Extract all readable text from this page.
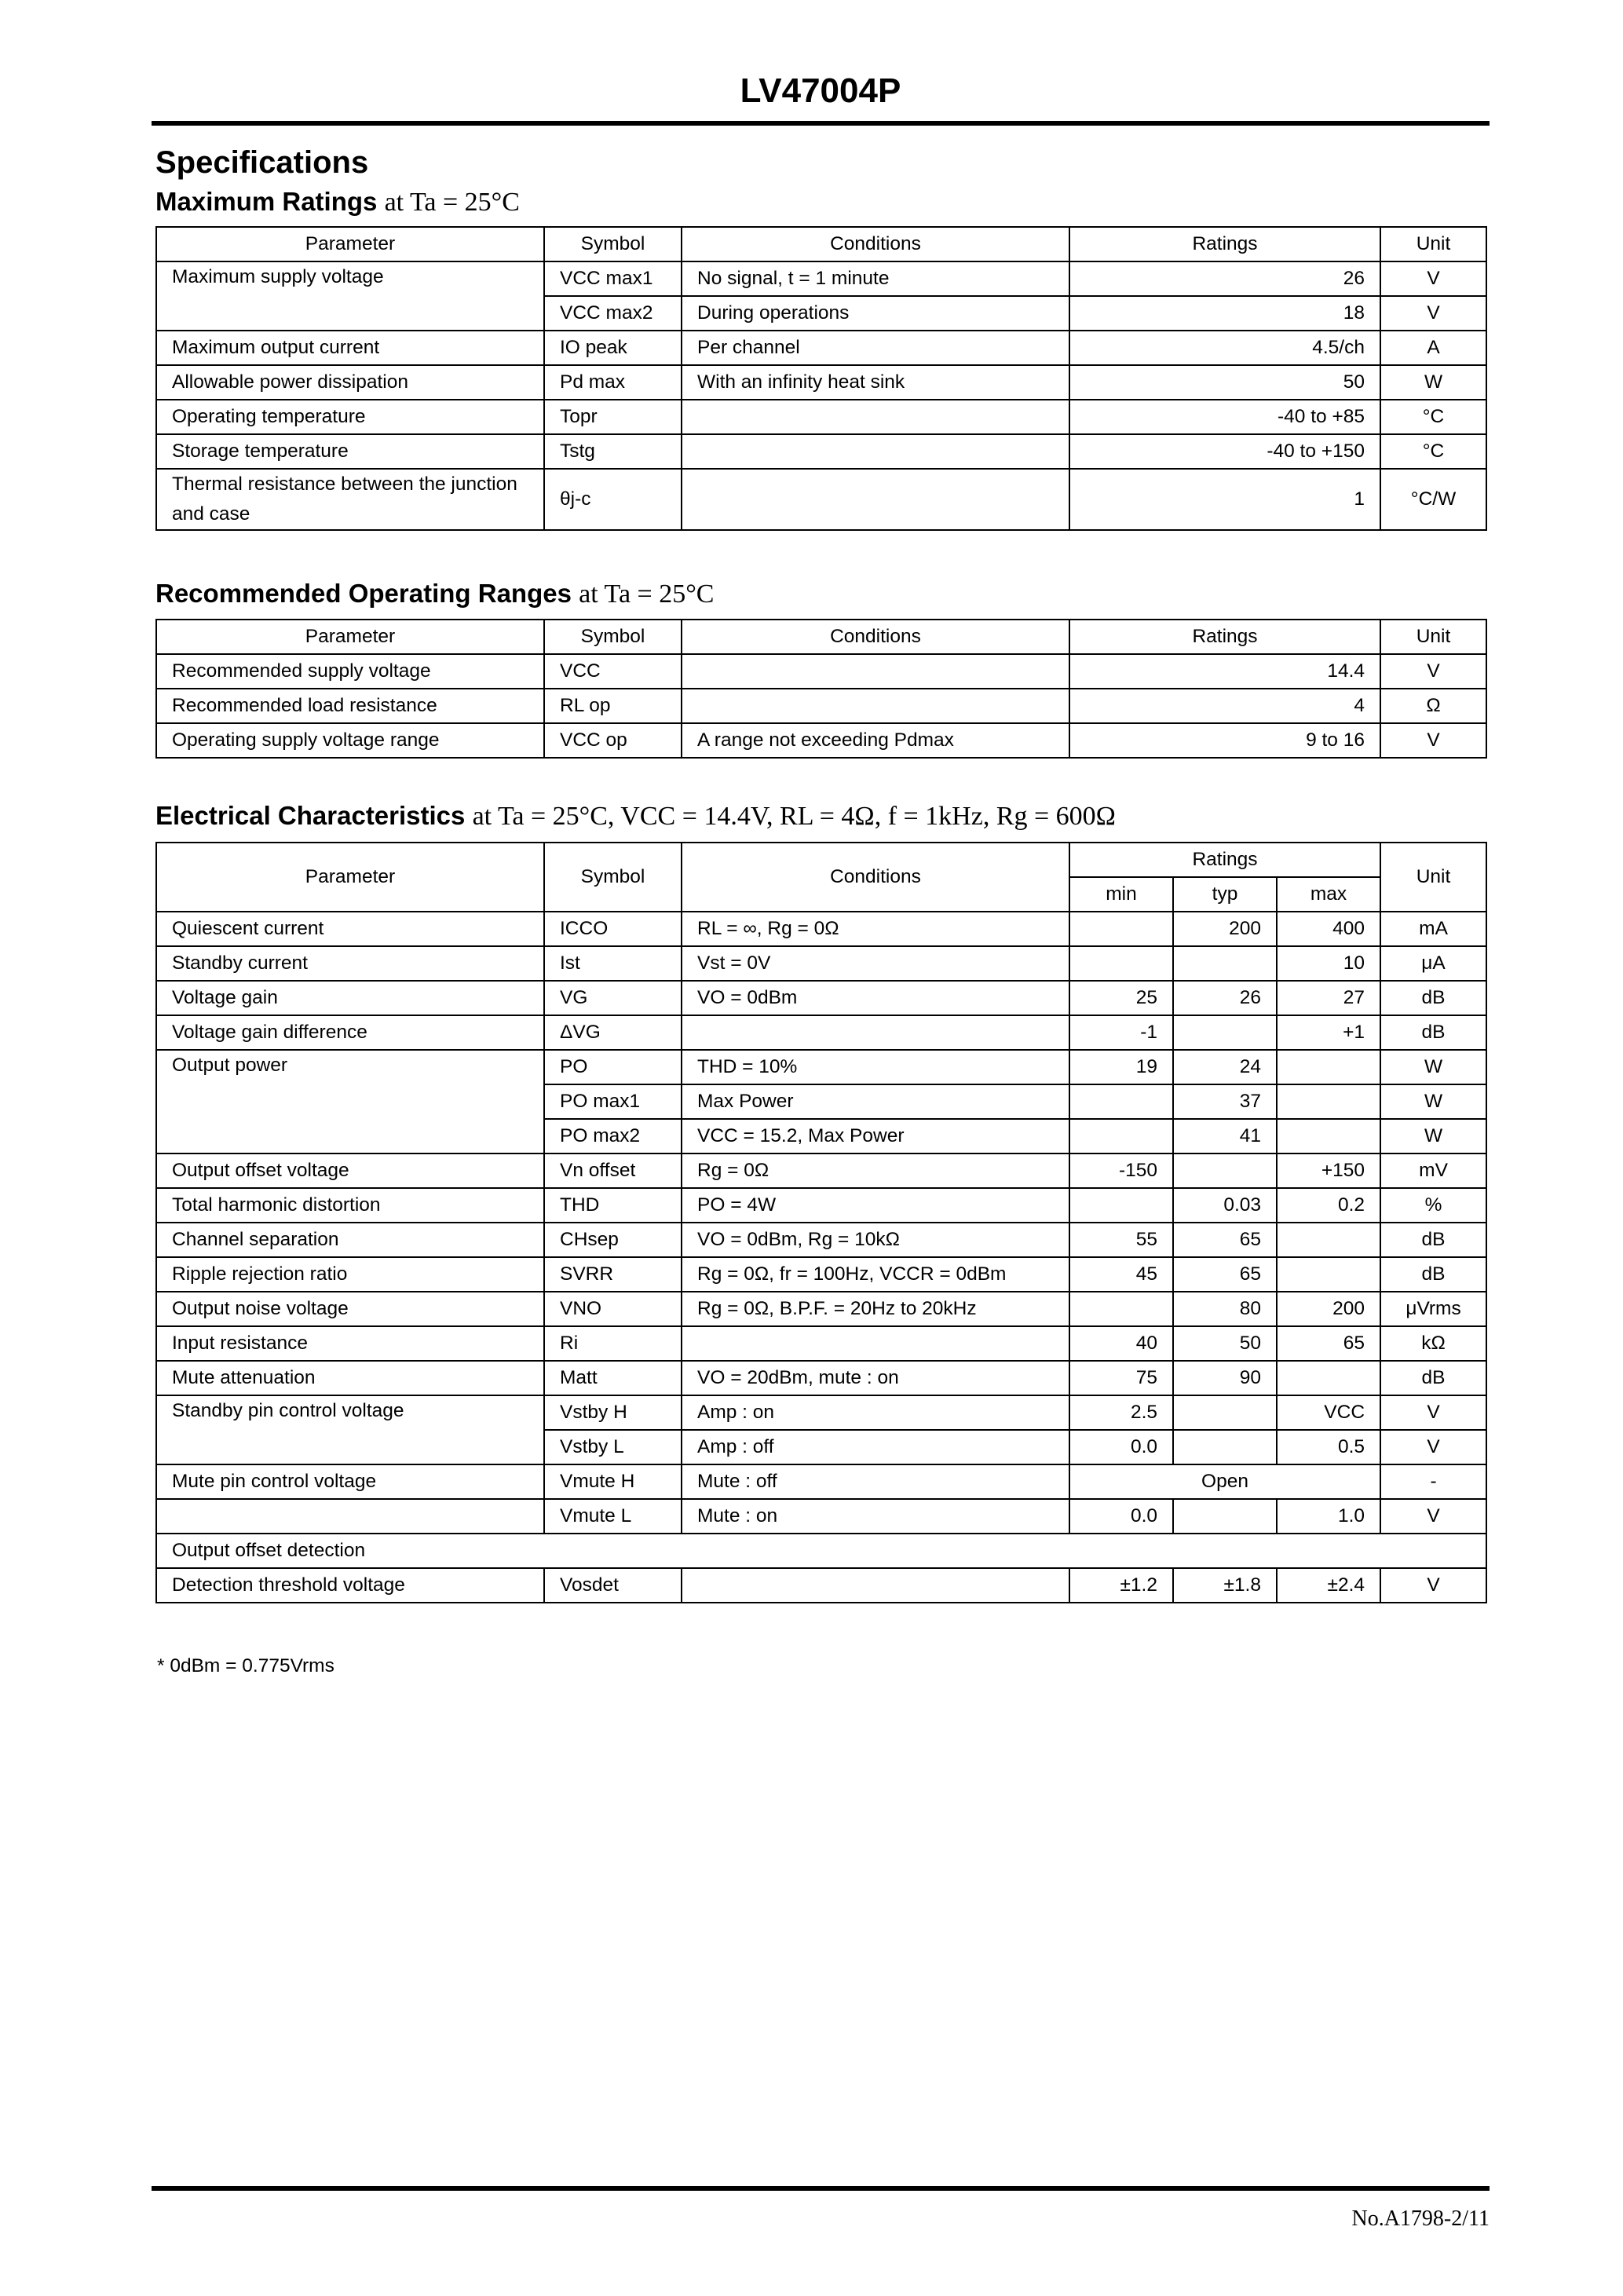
LV47004P
Specifications
Maximum Ratings at Ta = 25°C
Parameter	Symbol	Conditions	Ratings	Unit
Maximum supply voltage	VCC max1	No signal, t = 1 minute	26	V
	VCC max2	During operations	18	V
Maximum output current	IO peak	Per channel	4.5/ch	A
Allowable power dissipation	Pd max	With an infinity heat sink	50	W
Operating temperature	Topr		-40 to +85	°C
Storage temperature	Tstg		-40 to +150	°C
Thermal resistance between the junction and case	θj-c		1	°C/W
Recommended Operating Ranges at Ta = 25°C
Parameter	Symbol	Conditions	Ratings	Unit
Recommended supply voltage	VCC		14.4	V
Recommended load resistance	RL op		4	Ω
Operating supply voltage range	VCC op	A range not exceeding Pdmax	9 to 16	V
Electrical Characteristics at Ta = 25°C, VCC = 14.4V, RL = 4Ω, f = 1kHz, Rg = 600Ω
Parameter	Symbol	Conditions	Ratings			Unit
			min	typ	max	
Quiescent current	ICCO	RL = ∞, Rg = 0Ω		200	400	mA
Standby current	Ist	Vst = 0V			10	μA
Voltage gain	VG	VO = 0dBm	25	26	27	dB
Voltage gain difference	ΔVG		-1		+1	dB
Output power	PO	THD = 10%	19	24		W
	PO max1	Max Power		37		W
	PO max2	VCC = 15.2, Max Power		41		W
Output offset voltage	Vn offset	Rg = 0Ω	-150		+150	mV
Total harmonic distortion	THD	PO = 4W		0.03	0.2	%
Channel separation	CHsep	VO = 0dBm, Rg = 10kΩ	55	65		dB
Ripple rejection ratio	SVRR	Rg = 0Ω, fr = 100Hz, VCCR = 0dBm	45	65		dB
Output noise voltage	VNO	Rg = 0Ω, B.P.F. = 20Hz to 20kHz		80	200	μVrms
Input resistance	Ri		40	50	65	kΩ
Mute attenuation	Matt	VO = 20dBm, mute : on	75	90		dB
Standby pin control voltage	Vstby H	Amp : on	2.5		VCC	V
	Vstby L	Amp : off	0.0		0.5	V
Mute pin control voltage	Vmute H	Mute : off	Open			-
	Vmute L	Mute : on	0.0		1.0	V
Output offset detection						
Detection threshold voltage	Vosdet		±1.2	±1.8	±2.4	V
* 0dBm = 0.775Vrms
No.A1798-2/11
